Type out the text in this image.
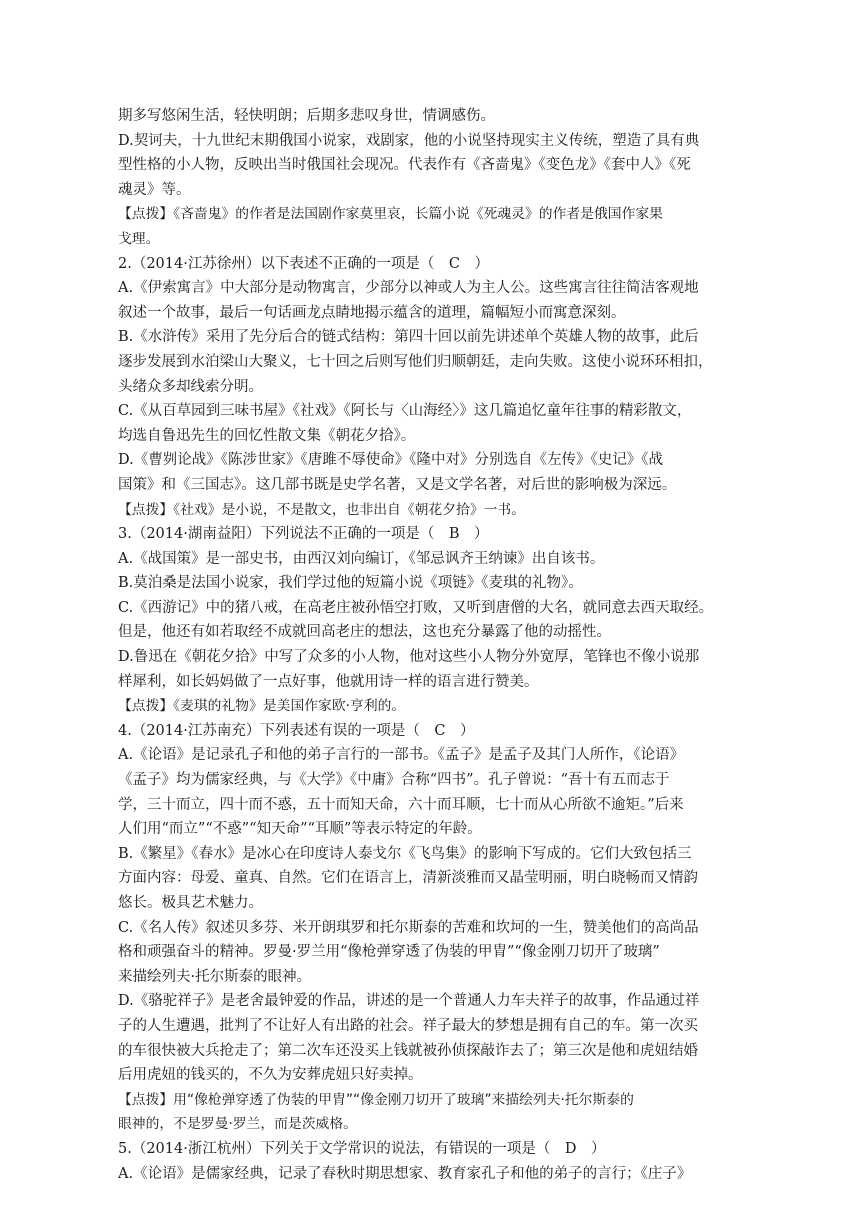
期多写悠闲生活，轻快明朗；后期多悲叹身世，情调感伤。

D.契诃夫，十九世纪末期俄国小说家，戏剧家，他的小说坚持现实主义传统，塑造了具有典

型性格的小人物，反映出当时俄国社会现况。代表作有《吝啬鬼》《变色龙》《套中人》《死

魂灵》等。

【点拨】《吝啬鬼》的作者是法国剧作家莫里哀，长篇小说《死魂灵》的作者是俄国作家果

戈理。

2.（2014·江苏徐州）以下表述不正确的一项是（　C　）

A.《伊索寓言》中大部分是动物寓言，少部分以神或人为主人公。这些寓言往往简洁客观地

叙述一个故事，最后一句话画龙点睛地揭示蕴含的道理，篇幅短小而寓意深刻。

B.《水浒传》采用了先分后合的链式结构：第四十回以前先讲述单个英雄人物的故事，此后

逐步发展到水泊梁山大聚义，七十回之后则写他们归顺朝廷，走向失败。这使小说环环相扣，

头绪众多却线索分明。

C.《从百草园到三味书屋》《社戏》《阿长与〈山海经〉》这几篇追忆童年往事的精彩散文，

均选自鲁迅先生的回忆性散文集《朝花夕拾》。

D.《曹刿论战》《陈涉世家》《唐雎不辱使命》《隆中对》分别选自《左传》《史记》《战

国策》和《三国志》。这几部书既是史学名著，又是文学名著，对后世的影响极为深远。

【点拨】《社戏》是小说，不是散文，也非出自《朝花夕拾》一书。

3.（2014·湖南益阳）下列说法不正确的一项是（　B　）

A.《战国策》是一部史书，由西汉刘向编订，《邹忌讽齐王纳谏》出自该书。

B.莫泊桑是法国小说家，我们学过他的短篇小说《项链》《麦琪的礼物》。

C.《西游记》中的猪八戒，在高老庄被孙悟空打败，又听到唐僧的大名，就同意去西天取经。

但是，他还有如若取经不成就回高老庄的想法，这也充分暴露了他的动摇性。

D.鲁迅在《朝花夕拾》中写了众多的小人物，他对这些小人物分外宽厚，笔锋也不像小说那

样犀利，如长妈妈做了一点好事，他就用诗一样的语言进行赞美。

【点拨】《麦琪的礼物》是美国作家欧·亨利的。

4.（2014·江苏南充）下列表述有误的一项是（　C　）

A.《论语》是记录孔子和他的弟子言行的一部书。《孟子》是孟子及其门人所作，《论语》

《孟子》均为儒家经典，与《大学》《中庸》合称“四书”。孔子曾说：“吾十有五而志于

学，三十而立，四十而不惑，五十而知天命，六十而耳顺，七十而从心所欲不逾矩。”后来

人们用“而立”“不惑”“知天命”“耳顺”等表示特定的年龄。

B.《繁星》《春水》是冰心在印度诗人泰戈尔《飞鸟集》的影响下写成的。它们大致包括三

方面内容：母爱、童真、自然。它们在语言上，清新淡雅而又晶莹明丽，明白晓畅而又情韵

悠长。极具艺术魅力。

C.《名人传》叙述贝多芬、米开朗琪罗和托尔斯泰的苦难和坎坷的一生，赞美他们的高尚品

格和顽强奋斗的精神。罗曼·罗兰用“像枪弹穿透了伪装的甲胄”“像金刚刀切开了玻璃”

来描绘列夫·托尔斯泰的眼神。

D.《骆驼祥子》是老舍最钟爱的作品，讲述的是一个普通人力车夫祥子的故事，作品通过祥

子的人生遭遇，批判了不让好人有出路的社会。祥子最大的梦想是拥有自己的车。第一次买

的车很快被大兵抢走了；第二次车还没买上钱就被孙侦探敲诈去了；第三次是他和虎妞结婚

后用虎妞的钱买的，不久为安葬虎妞只好卖掉。

【点拨】用“像枪弹穿透了伪装的甲胄”“像金刚刀切开了玻璃”来描绘列夫·托尔斯泰的

眼神的，不是罗曼·罗兰，而是茨威格。

5.（2014·浙江杭州）下列关于文学常识的说法，有错误的一项是（　D　）

A.《论语》是儒家经典，记录了春秋时期思想家、教育家孔子和他的弟子的言行；《庄子》
